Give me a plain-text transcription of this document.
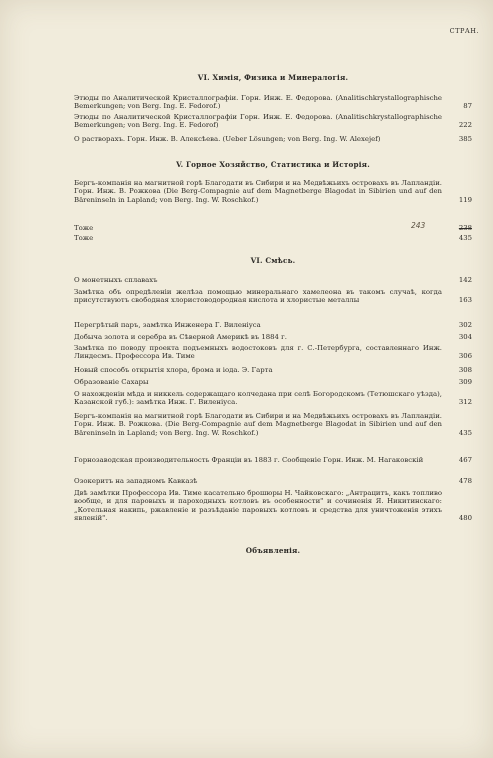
СТРАН.
VI. Химія, Физика и Минералогія.
Этюды по Аналитической Кристаллографіи. Горн. Инж. Е. Федорова. (Analitischkrystallographische Bemerkungen; von Berg. Ing. E. Fedorof.)	87
Этюды по Аналитической Кристаллографіи Горн. Инж. Е. Федорова. (Analitischkrystallographische Bemerkungen; von Berg. Ing. E. Fedorof)	222
О растворахъ. Горн. Инж. В. Алексѣева. (Ueber Lösungen; von Berg. Ing. W. Alexejef)	385
V. Горное Хозяйство, Статистика и Исторія.
Бергъ-компанія на магнитной горѣ Благодати въ Сибири и на Медвѣжьихъ островахъ въ Лапландіи. Горн. Инж. В. Рожкова (Die Berg-Compagnie auf dem Magnetberge Blagodat in Sibirien und auf den Bäreninseln in Lapland; von Berg. Ing. W. Roschkof.)	119
Тоже	238
243
Тоже	435
VI. Смѣсь.
О монетныхъ сплавахъ	142
Замѣтка объ опредѣленіи желѣза помощью минеральнаго хамелеона въ такомъ случаѣ, когда присутствуютъ свободная хлористоводородная кислота и хлористые металлы	163
Перегрѣтый паръ, замѣтка Инженера Г. Виленіуса	302
Добыча золота и серебра въ Сѣверной Америкѣ въ 1884 г.	304
Замѣтка по поводу проекта подъемныхъ водостоковъ для г. С.-Петербурга, составленнаго Инж. Линдесмъ. Профессора Ив. Тиме	306
Новый способъ открытія хлора, брома и іода. Э. Гарта	308
Образованіе Сахары	309
О нахожденіи мѣда и никкель содержащаго колчедана при селѣ Богородскомъ (Тетюшскаго уѣзда), Казанской губ.): замѣтка Инж. Г. Виленіуса.	312
Бергъ-компанія на магнитной горѣ Благодати въ Сибири и на Медвѣжьихъ островахъ въ Лапландіи. Горн. Инж. В. Рожкова. (Die Berg-Compagnie auf dem Magnetberge Blagodat in Sibirien und auf den Bäreninseln in Lapland; von Berg. Ing. W. Roschkof.)	435
Горнозаводская производительность Франціи въ 1883 г. Сообщеніе Горн. Инж. М. Нагаковскій	467
Озокеритъ на западномъ Кавказѣ	478
Двѣ замѣтки Профессора Ив. Тиме касательно брошюры Н. Чайковскаго: „Антрацитъ, какъ топливо вообще, и для паровыхъ и пароходныхъ котловъ въ особенности" и сочиненія Я. Никитинскаго: „Котельная накипь, ржавленіе и разъѣданіе паровыхъ котловъ и средства для уничтоженія этихъ явленій".	480
Объявленія.
